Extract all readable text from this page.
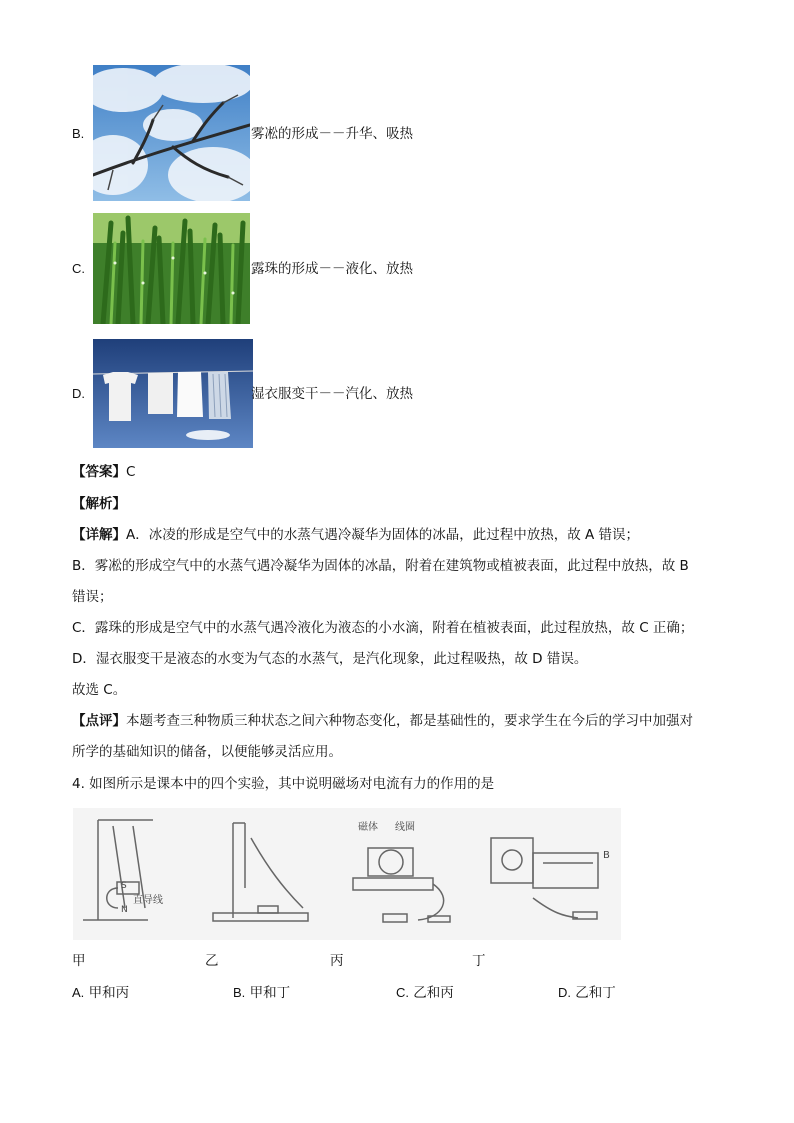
B.	雾凇的形成－－升华、吸热
C.	露珠的形成－－液化、放热
D.	湿衣服变干－－汽化、放热
【答案】C
【解析】
【详解】A．冰凌的形成是空气中的水蒸气遇冷凝华为固体的冰晶，此过程中放热，故 A 错误；
B．雾凇的形成空气中的水蒸气遇冷凝华为固体的冰晶，附着在建筑物或植被表面，此过程中放热，故 B
错误；
C．露珠的形成是空气中的水蒸气遇冷液化为液态的小水滴，附着在植被表面，此过程放热，故 C 正确；
D．湿衣服变干是液态的水变为气态的水蒸气，是汽化现象，此过程吸热，故 D 错误。
故选 C。
【点评】本题考查三种物质三种状态之间六种物态变化，都是基础性的，要求学生在今后的学习中加强对
所学的基础知识的储备，以便能够灵活应用。
4. 如图所示是课本中的四个实验，其中说明磁场对电流有力的作用的是
S
N
直导线
磁体 线圈
B
甲	乙	丙	丁
A. 甲和丙	B. 甲和丁	C. 乙和丙	D. 乙和丁
